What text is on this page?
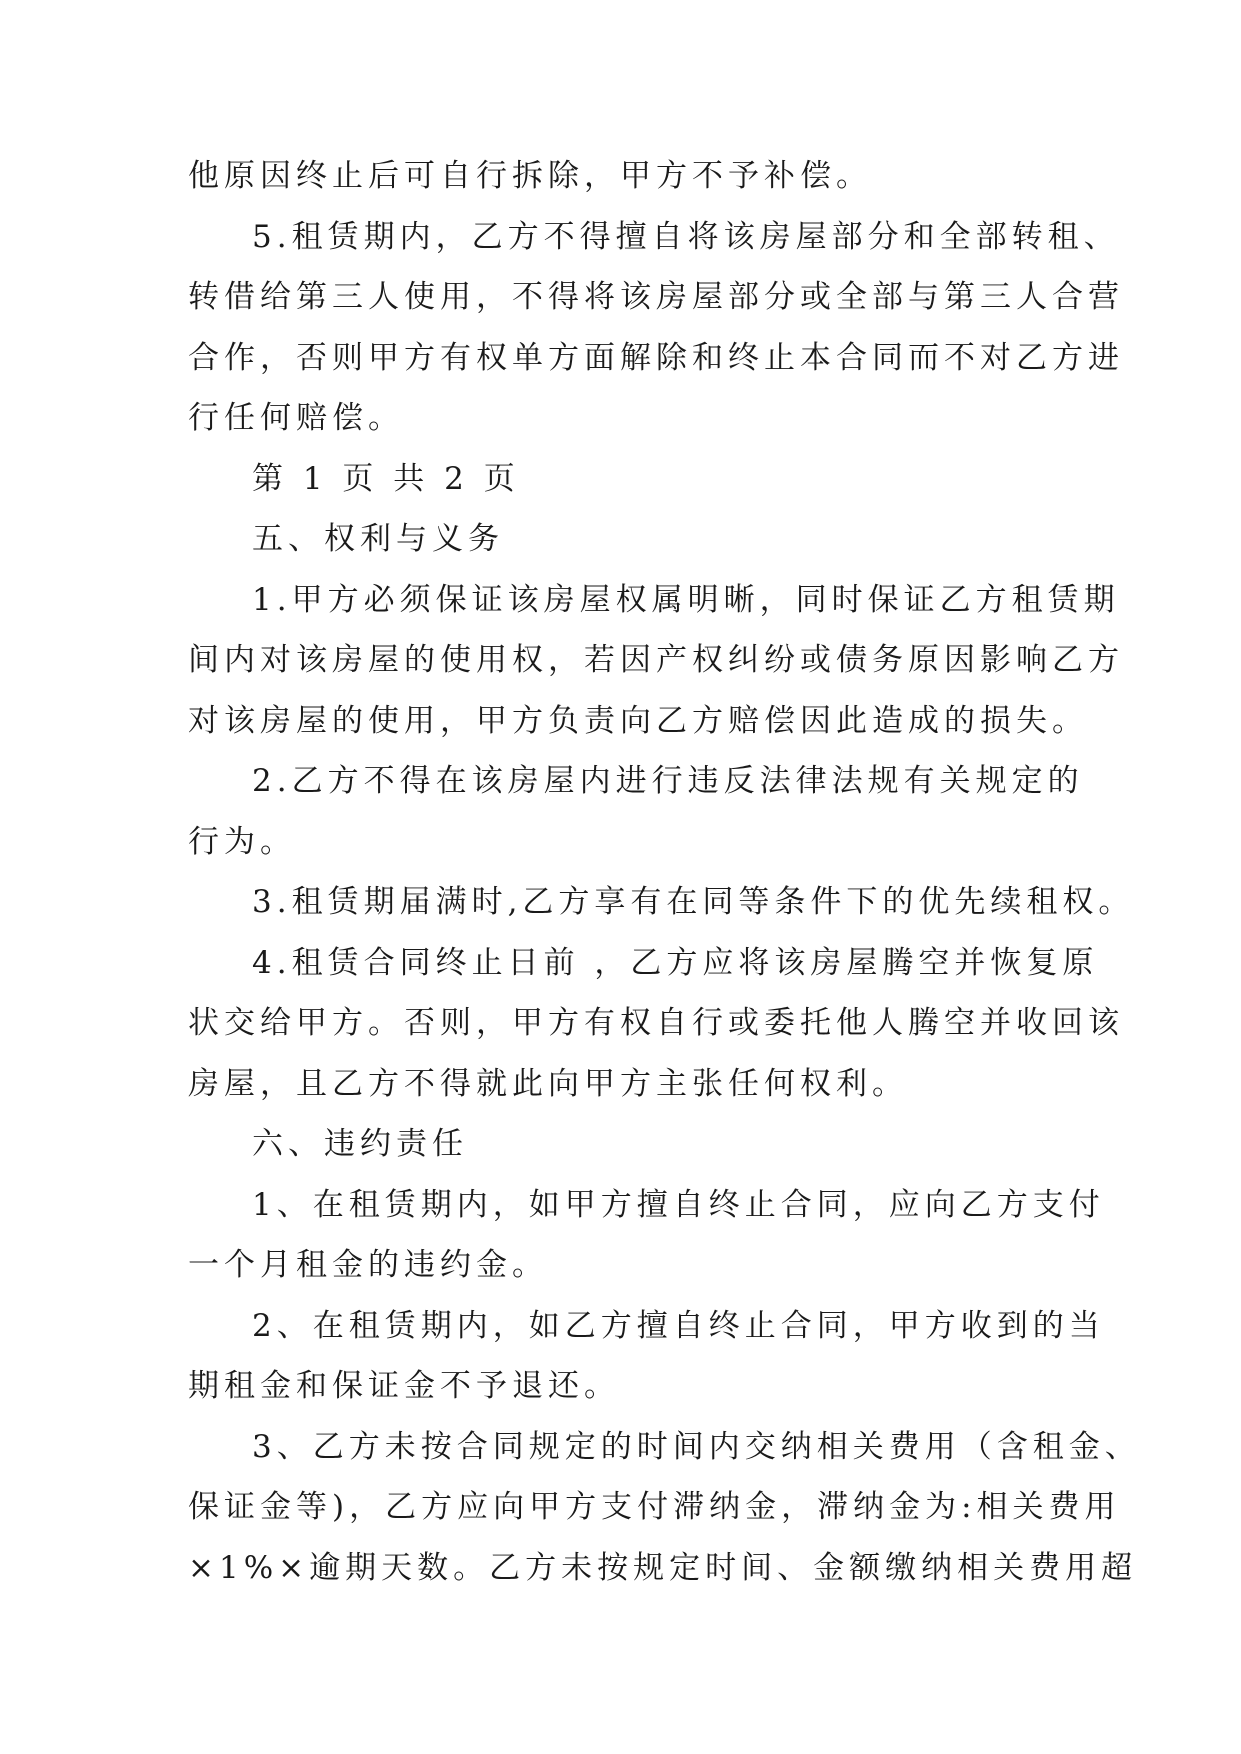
他原因终止后可自行拆除，甲方不予补偿。
5.租赁期内，乙方不得擅自将该房屋部分和全部转租、
转借给第三人使用，不得将该房屋部分或全部与第三人合营
合作，否则甲方有权单方面解除和终止本合同而不对乙方进
行任何赔偿。
第 1 页 共 2 页
五、权利与义务
1.甲方必须保证该房屋权属明晰，同时保证乙方租赁期
间内对该房屋的使用权，若因产权纠纷或债务原因影响乙方
对该房屋的使用，甲方负责向乙方赔偿因此造成的损失。
2.乙方不得在该房屋内进行违反法律法规有关规定的
行为。
3.租赁期届满时,乙方享有在同等条件下的优先续租权。
4.租赁合同终止日前 ，乙方应将该房屋腾空并恢复原
状交给甲方。否则，甲方有权自行或委托他人腾空并收回该
房屋，且乙方不得就此向甲方主张任何权利。
六、违约责任
1、在租赁期内，如甲方擅自终止合同，应向乙方支付
一个月租金的违约金。
2、在租赁期内，如乙方擅自终止合同，甲方收到的当
期租金和保证金不予退还。
3、乙方未按合同规定的时间内交纳相关费用（含租金、
保证金等)，乙方应向甲方支付滞纳金，滞纳金为:相关费用
×1%×逾期天数。乙方未按规定时间、金额缴纳相关费用超
